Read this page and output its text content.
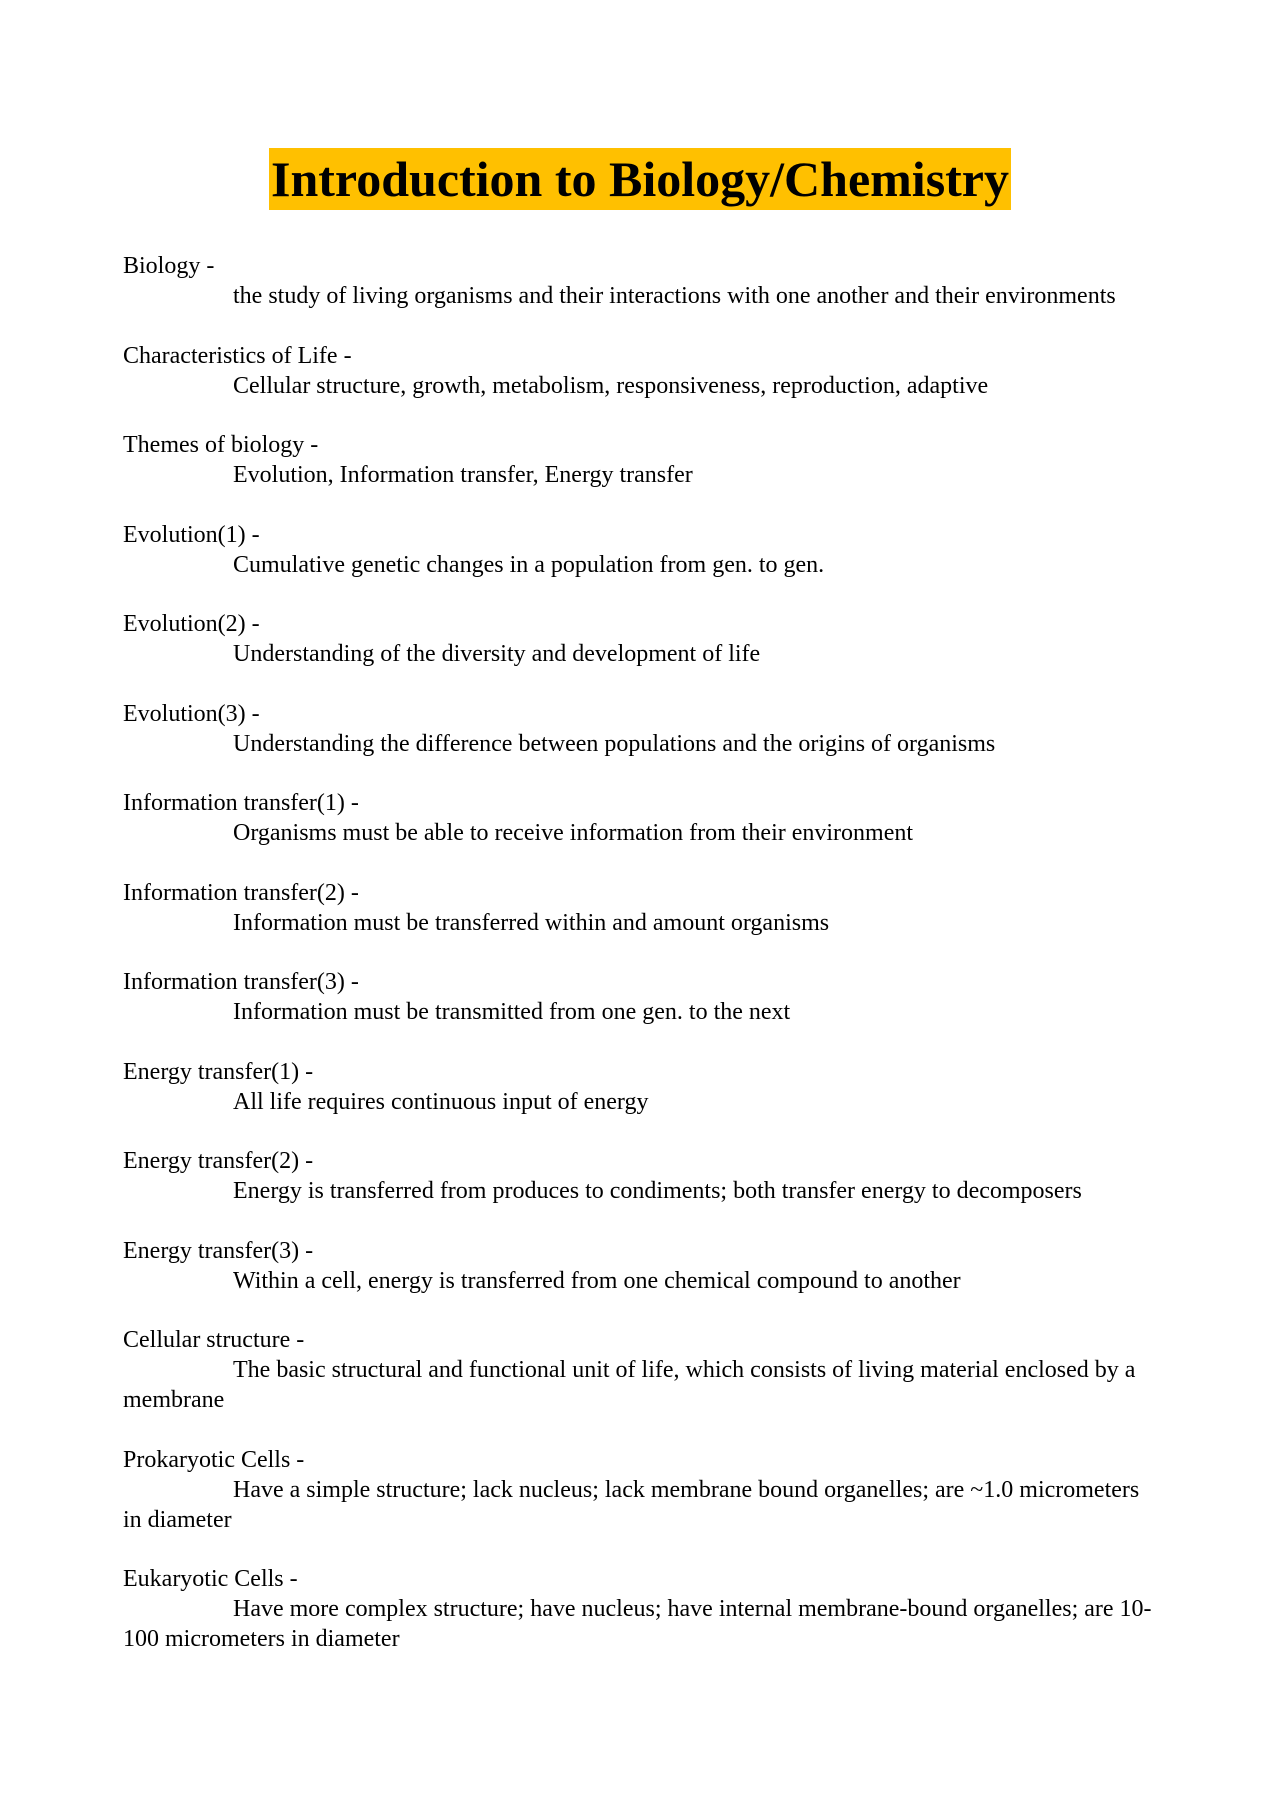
Introduction to Biology/Chemistry
Biology -
the study of living organisms and their interactions with one another and their environments
Characteristics of Life -
Cellular structure, growth, metabolism, responsiveness, reproduction, adaptive
Themes of biology -
Evolution, Information transfer, Energy transfer
Evolution(1) -
Cumulative genetic changes in a population from gen. to gen.
Evolution(2) -
Understanding of the diversity and development of life
Evolution(3) -
Understanding the difference between populations and the origins of organisms
Information transfer(1) -
Organisms must be able to receive information from their environment
Information transfer(2) -
Information must be transferred within and amount organisms
Information transfer(3) -
Information must be transmitted from one gen. to the next
Energy transfer(1) -
All life requires continuous input of energy
Energy transfer(2) -
Energy is transferred from produces to condiments; both transfer energy to decomposers
Energy transfer(3) -
Within a cell, energy is transferred from one chemical compound to another
Cellular structure -
The basic structural and functional unit of life, which consists of living material enclosed by a membrane
Prokaryotic Cells -
Have a simple structure; lack nucleus; lack membrane bound organelles; are ~1.0 micrometers in diameter
Eukaryotic Cells -
Have more complex structure; have nucleus; have internal membrane-bound organelles; are 10-100 micrometers in diameter
